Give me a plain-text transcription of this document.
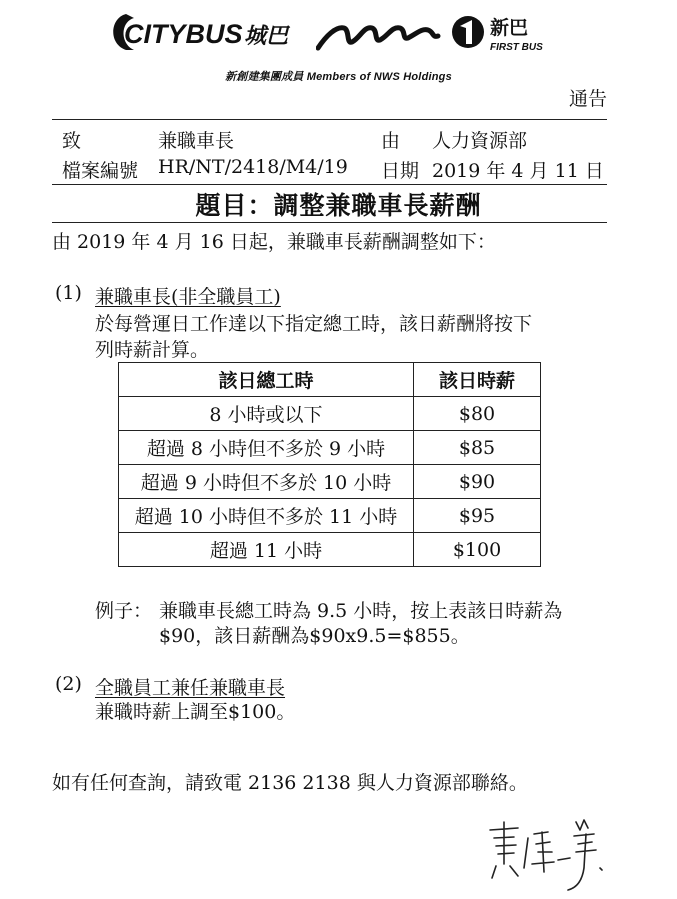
CITYBUS 城巴	新巴
FIRST BUS
新創建集團成員 Members of NWS Holdings
通告
致	兼職車長	由 人力資源部
檔案編號 HR/NT/2418/M4/19 日期 2019 年 4 月 11 日
題目：調整兼職車長薪酬
由 2019 年 4 月 16 日起，兼職車長薪酬調整如下：
(1) 兼職車長(非全職員工)
於每營運日工作達以下指定總工時，該日薪酬將按下
列時薪計算。
該日總工時	該日時薪
8 小時或以下	$80
超過 8 小時但不多於 9 小時	$85
超過 9 小時但不多於 10 小時	$90
超過 10 小時但不多於 11 小時	$95
超過 11 小時	$100
例子： 兼職車長總工時為 9.5 小時，按上表該日時薪為
$90，該日薪酬為$90x9.5=$855。
(2) 全職員工兼任兼職車長
兼職時薪上調至$100。
如有任何查詢，請致電 2136 2138 與人力資源部聯絡。
